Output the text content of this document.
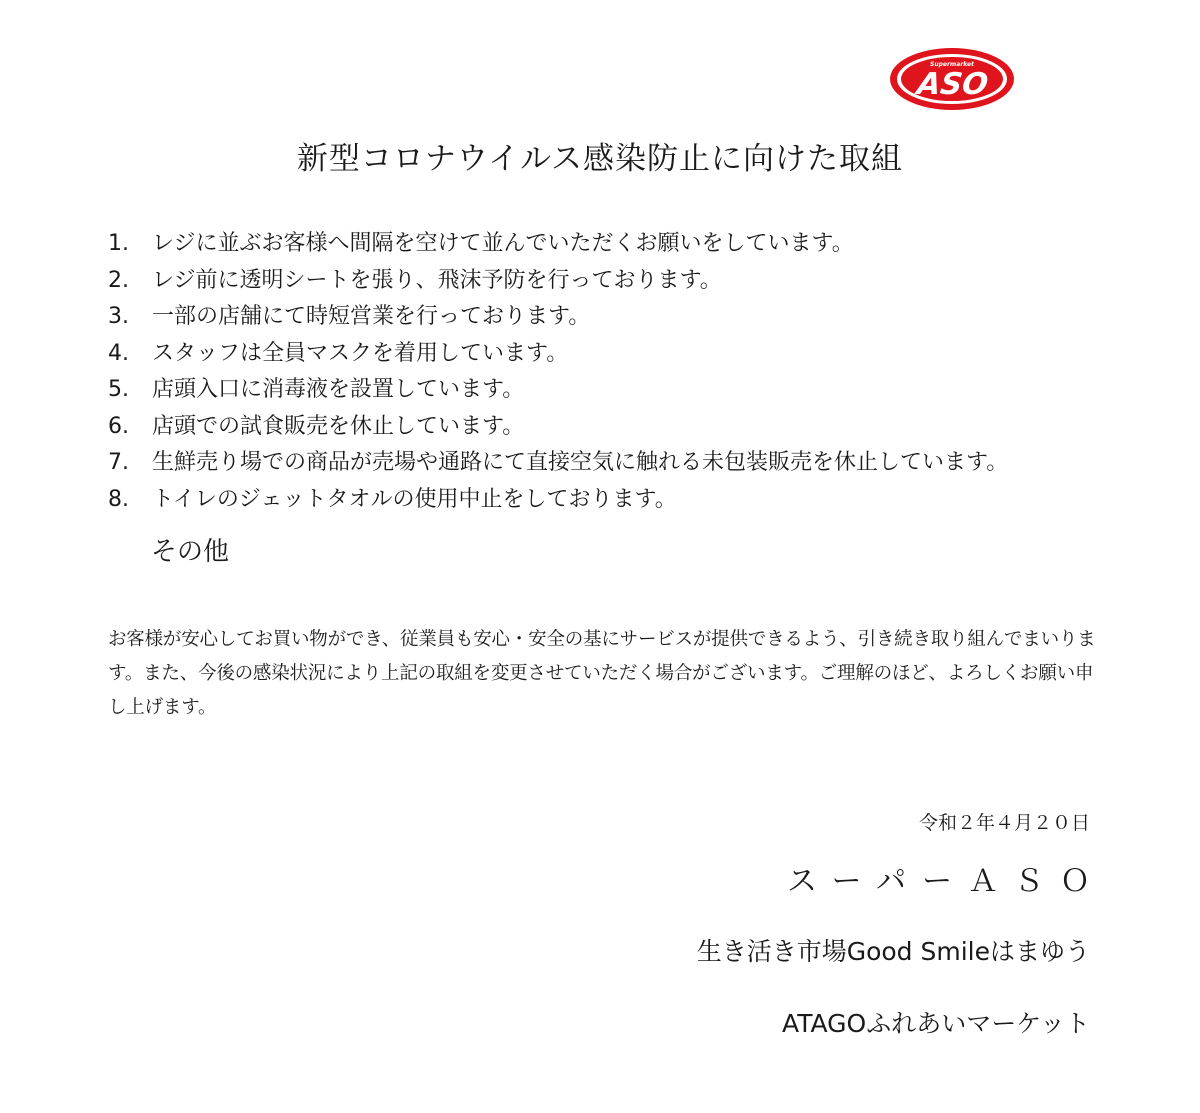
Supermarket
ASO
新型コロナウイルス感染防止に向けた取組
1. レジに並ぶお客様へ間隔を空けて並んでいただくお願いをしています。
2. レジ前に透明シートを張り、飛沫予防を行っております。
3. 一部の店舗にて時短営業を行っております。
4. スタッフは全員マスクを着用しています。
5. 店頭入口に消毒液を設置しています。
6. 店頭での試食販売を休止しています。
7. 生鮮売り場での商品が売場や通路にて直接空気に触れる未包装販売を休止しています。
8. トイレのジェットタオルの使用中止をしております。
その他
お客様が安心してお買い物ができ、従業員も安心・安全の基にサービスが提供できるよう、引き続き取り組んでまいります。また、今後の感染状況により上記の取組を変更させていただく場合がございます。ご理解のほど、よろしくお願い申し上げます。
令和２年４月２０日
スーパーＡＳＯ
生き活き市場Good Smileはまゆう
ATAGOふれあいマーケット
